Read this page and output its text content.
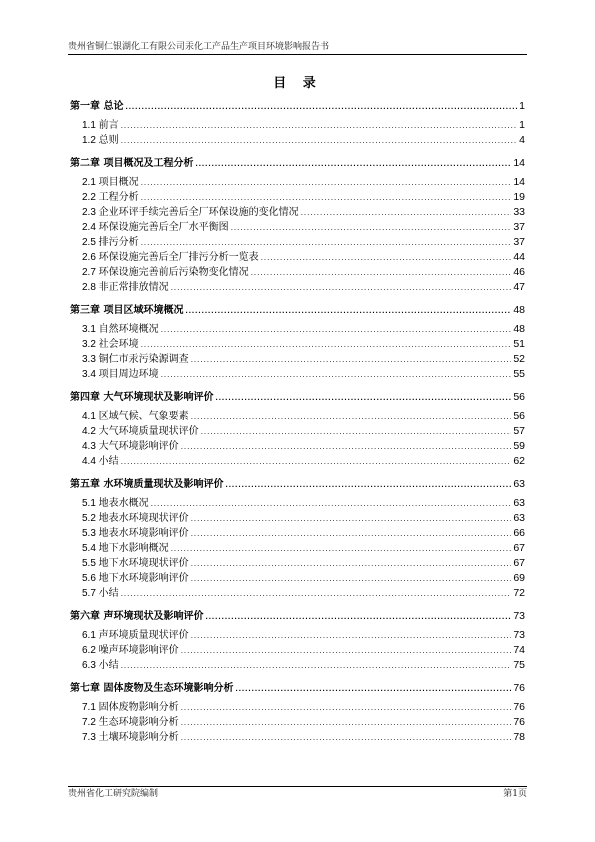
贵州省铜仁银湖化工有限公司汞化工产品生产项目环境影响报告书
目 录
第一章 总论 .....	1
1.1 前言 .....	1
1.2 总则 .....	4
第二章 项目概况及工程分析 .....	14
2.1 项目概况 .....	14
2.2 工程分析 .....	19
2.3 企业环评手续完善后全厂环保设施的变化情况 .....	33
2.4 环保设施完善后全厂水平衡图 .....	37
2.5 排污分析 .....	37
2.6 环保设施完善后全厂排污分析一览表 .....	44
2.7 环保设施完善前后污染物变化情况 .....	46
2.8 非正常排放情况 .....	47
第三章 项目区域环境概况 .....	48
3.1 自然环境概况 .....	48
3.2 社会环境 .....	51
3.3 铜仁市汞污染源调查 .....	52
3.4 项目周边环境 .....	55
第四章 大气环境现状及影响评价 .....	56
4.1 区域气候、气象要素 .....	56
4.2 大气环境质量现状评价 .....	57
4.3 大气环境影响评价 .....	59
4.4 小结 .....	62
第五章 水环境质量现状及影响评价 .....	63
5.1 地表水概况 .....	63
5.2 地表水环境现状评价 .....	63
5.3 地表水环境影响评价 .....	66
5.4 地下水影响概况 .....	67
5.5 地下水环境现状评价 .....	67
5.6 地下水环境影响评价 .....	69
5.7 小结 .....	72
第六章 声环境现状及影响评价 .....	73
6.1 声环境质量现状评价 .....	73
6.2 噪声环境影响评价 .....	74
6.3 小结 .....	75
第七章 固体废物及生态环境影响分析 .....	76
7.1 固体废物影响分析 .....	76
7.2 生态环境影响分析 .....	76
7.3 土壤环境影响分析 .....	78
贵州省化工研究院编制	第1页
